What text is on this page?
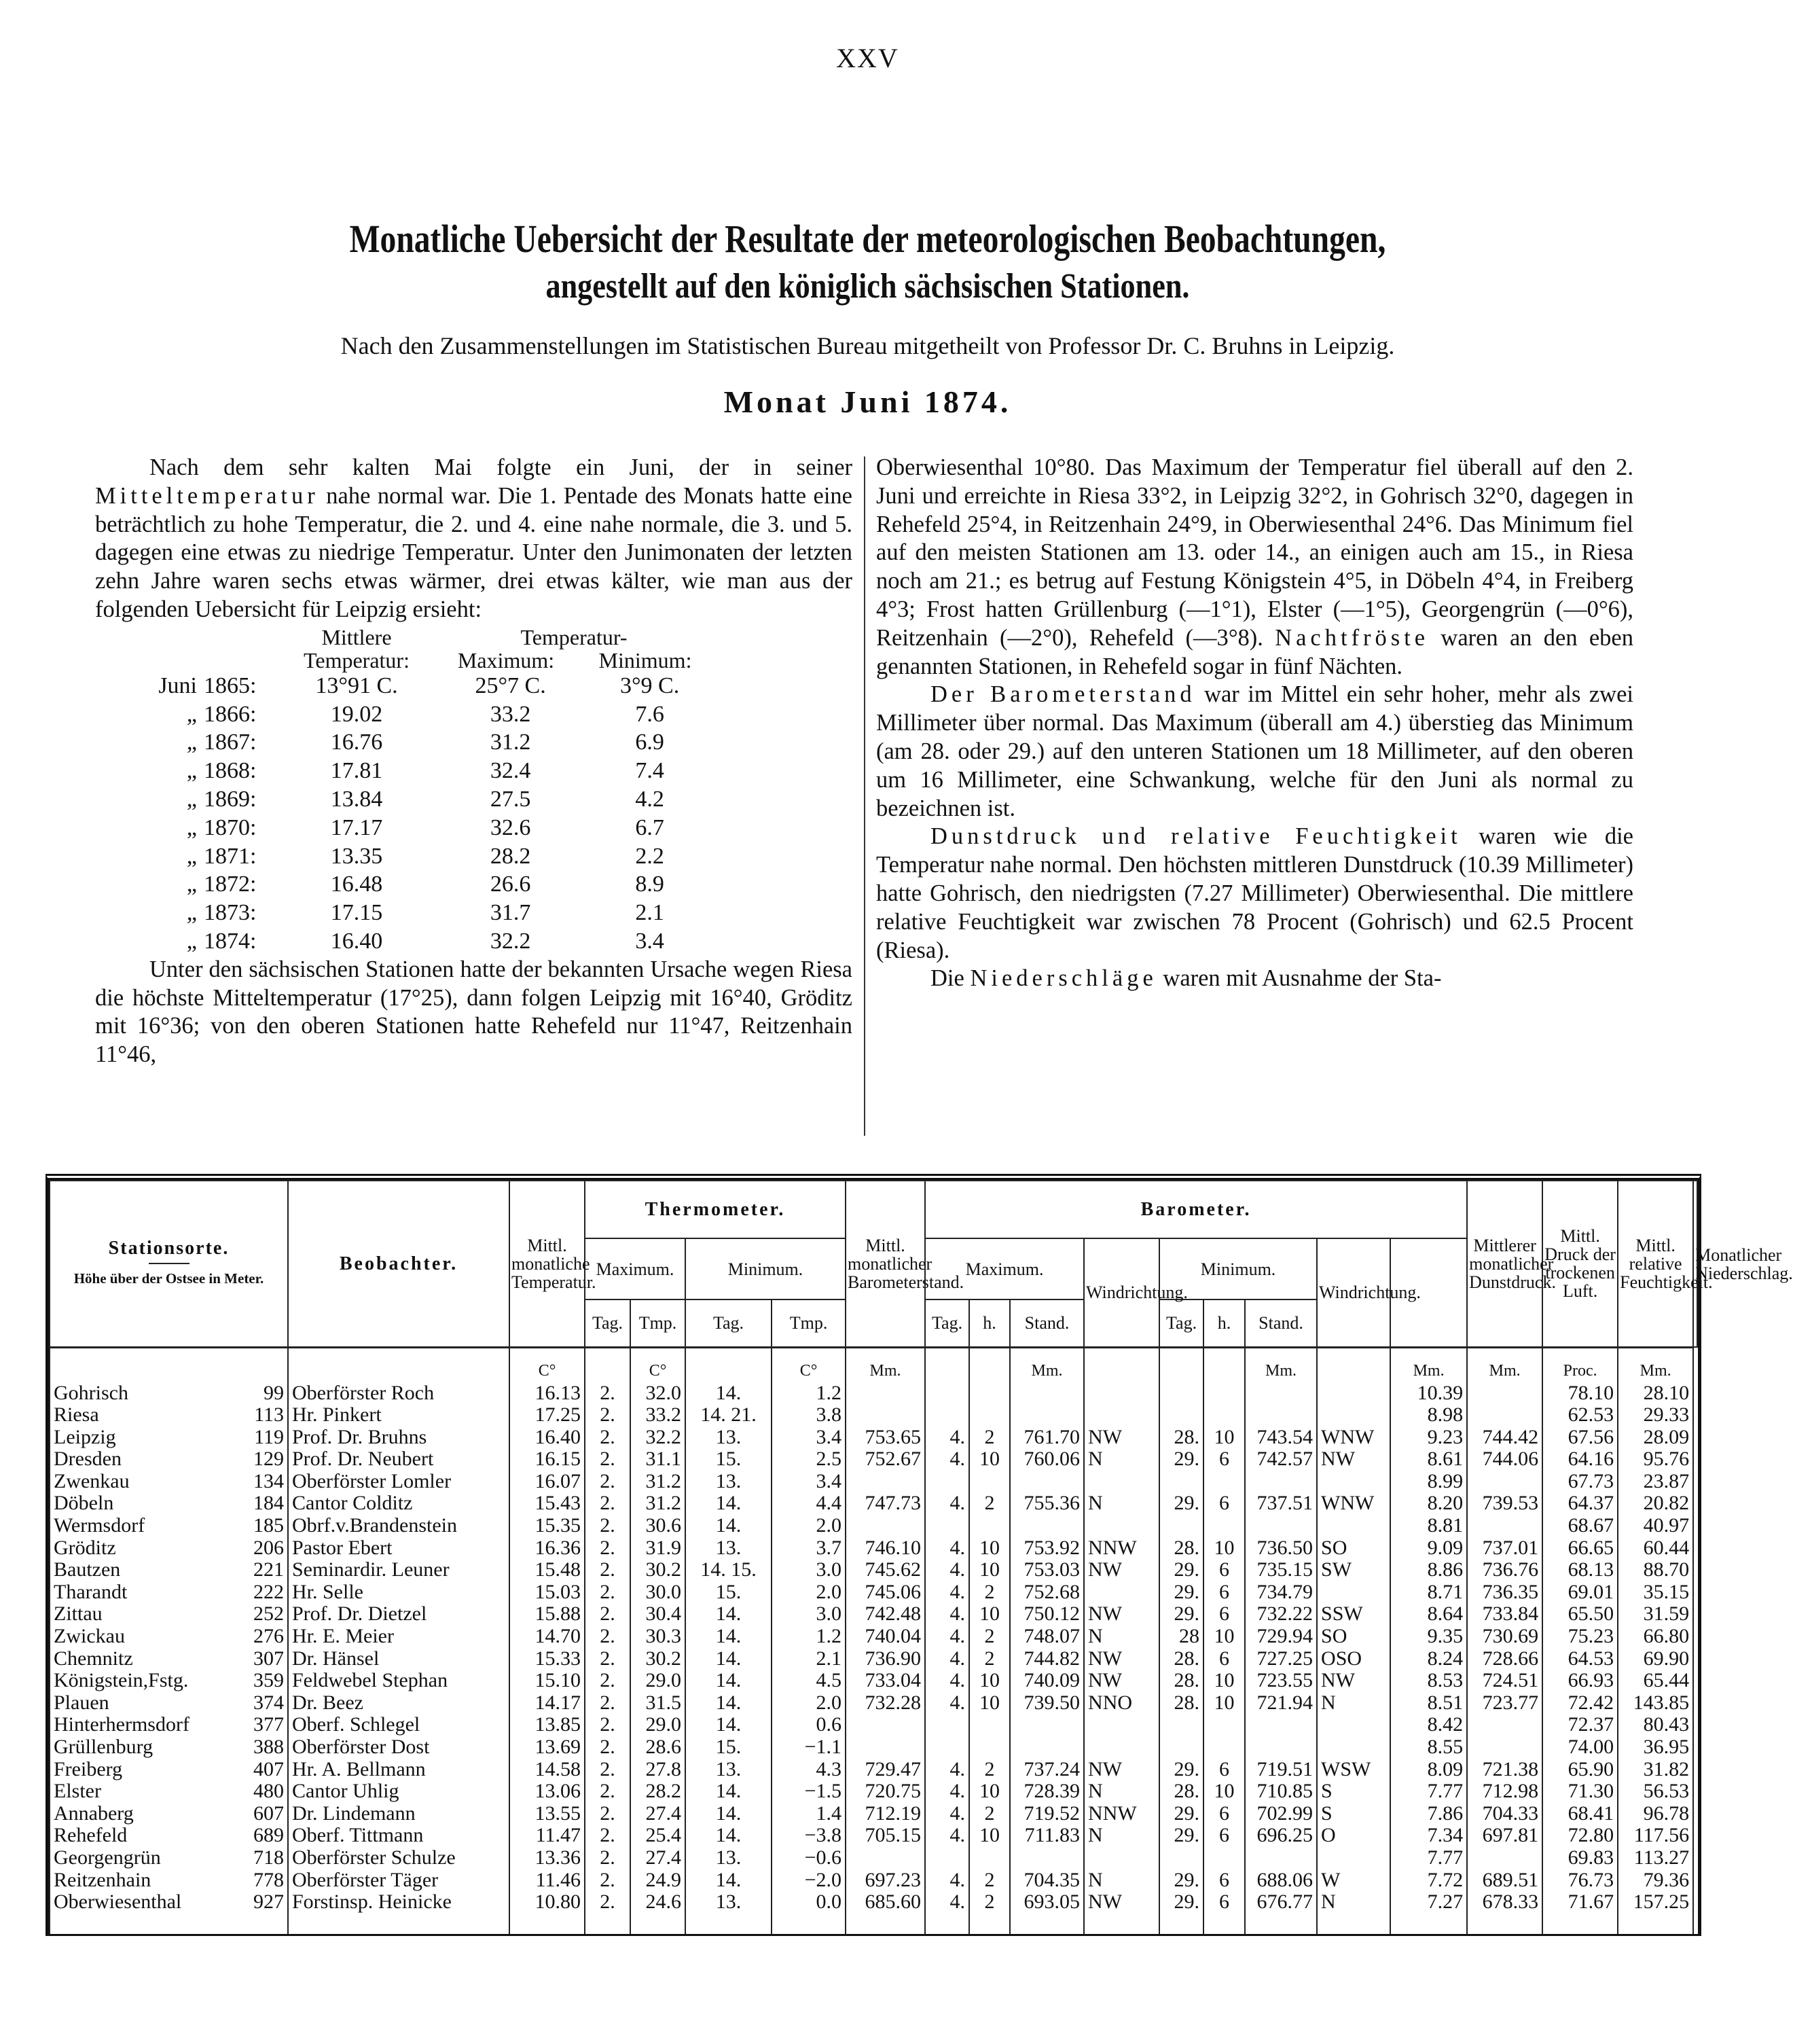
XXV
Monatliche Uebersicht der Resultate der meteorologischen Beobachtungen,
angestellt auf den königlich sächsischen Stationen.
Nach den Zusammenstellungen im Statistischen Bureau mitgetheilt von Professor Dr. C. Bruhns in Leipzig.
Monat Juni 1874.

Nach dem sehr kalten Mai folgte ein Juni, der in seiner Mitteltemperatur nahe normal war. Die 1. Pentade des Monats hatte eine beträchtlich zu hohe Temperatur, die 2. und 4. eine nahe normale, die 3. und 5. dagegen eine etwas zu niedrige Temperatur. Unter den Junimonaten der letzten zehn Jahre waren sechs etwas wärmer, drei etwas kälter, wie man aus der folgenden Uebersicht für Leipzig ersieht:

		Mittlere Temperatur:	Temperatur-
Maximum: Minimum:	
Juni	1865:	13°91 C.	25°7 C.	3°9 C.
„	1866:	19.02	33.2	7.6
„	1867:	16.76	31.2	6.9
„	1868:	17.81	32.4	7.4
„	1869:	13.84	27.5	4.2
„	1870:	17.17	32.6	6.7
„	1871:	13.35	28.2	2.2
„	1872:	16.48	26.6	8.9
„	1873:	17.15	31.7	2.1
„	1874:	16.40	32.2	3.4

Unter den sächsischen Stationen hatte der bekannten Ursache wegen Riesa die höchste Mitteltemperatur (17°25), dann folgen Leipzig mit 16°40, Gröditz mit 16°36; von den oberen Stationen hatte Rehefeld nur 11°47, Reitzenhain 11°46,

Oberwiesenthal 10°80. Das Maximum der Temperatur fiel überall auf den 2. Juni und erreichte in Riesa 33°2, in Leipzig 32°2, in Gohrisch 32°0, dagegen in Rehefeld 25°4, in Reitzenhain 24°9, in Oberwiesenthal 24°6. Das Minimum fiel auf den meisten Stationen am 13. oder 14., an einigen auch am 15., in Riesa noch am 21.; es betrug auf Festung Königstein 4°5, in Döbeln 4°4, in Freiberg 4°3; Frost hatten Grüllenburg (—1°1), Elster (—1°5), Georgengrün (—0°6), Reitzenhain (—2°0), Rehefeld (—3°8). Nachtfröste waren an den eben genannten Stationen, in Rehefeld sogar in fünf Nächten.

Der Barometerstand war im Mittel ein sehr hoher, mehr als zwei Millimeter über normal. Das Maximum (überall am 4.) überstieg das Minimum (am 28. oder 29.) auf den unteren Stationen um 18 Millimeter, auf den oberen um 16 Millimeter, eine Schwankung, welche für den Juni als normal zu bezeichnen ist.

Dunstdruck und relative Feuchtigkeit waren wie die Temperatur nahe normal. Den höchsten mittleren Dunstdruck (10.39 Millimeter) hatte Gohrisch, den niedrigsten (7.27 Millimeter) Oberwiesenthal. Die mittlere relative Feuchtigkeit war zwischen 78 Procent (Gohrisch) und 62.5 Procent (Riesa).

Die Niederschläge waren mit Ausnahme der Sta-

Stationsorte.
Höhe über der Ostsee in Meter.	Beobachter.	Mittl. monatliche Temperatur.	Thermometer.				Mittl. monatlicher Barometerstand.	Barometer.									Mittlerer monatlicher Dunstdruck.	Mittl. Druck der trockenen Luft.	Mittl. relative Feuchtigkeit.	Monatlicher Niederschlag.
			Maximum.		Minimum.			Maximum.			Windrichtung.	Minimum.			Windrichtung.					
			Tag.	Tmp.	Tag.	Tmp.		Tag.	h.	Stand.		Tag.	h.	Stand.						
		C°		C°		C°	Mm.			Mm.				Mm.		Mm.	Mm.	Proc.	Mm.	

Gohrisch 99	Oberförster Roch	16.13	2.	32.0	14.	1.2										10.39		78.10	28.10	

Riesa 113	Hr. Pinkert	17.25	2.	33.2	14. 21.	3.8										8.98		62.53	29.33	

Leipzig 119	Prof. Dr. Bruhns	16.40	2.	32.2	13.	3.4	753.65	4.	2	761.70	NW	28.	10	743.54	WNW	9.23	744.42	67.56	28.09	

Dresden 129	Prof. Dr. Neubert	16.15	2.	31.1	15.	2.5	752.67	4.	10	760.06	N	29.	6	742.57	NW	8.61	744.06	64.16	95.76	

Zwenkau 134	Oberförster Lomler	16.07	2.	31.2	13.	3.4										8.99		67.73	23.87	

Döbeln 184	Cantor Colditz	15.43	2.	31.2	14.	4.4	747.73	4.	2	755.36	N	29.	6	737.51	WNW	8.20	739.53	64.37	20.82	

Wermsdorf 185	Obrf.v.Brandenstein	15.35	2.	30.6	14.	2.0										8.81		68.67	40.97	

Gröditz 206	Pastor Ebert	16.36	2.	31.9	13.	3.7	746.10	4.	10	753.92	NNW	28.	10	736.50	SO	9.09	737.01	66.65	60.44	

Bautzen 221	Seminardir. Leuner	15.48	2.	30.2	14. 15.	3.0	745.62	4.	10	753.03	NW	29.	6	735.15	SW	8.86	736.76	68.13	88.70	

Tharandt 222	Hr. Selle	15.03	2.	30.0	15.	2.0	745.06	4.	2	752.68		29.	6	734.79		8.71	736.35	69.01	35.15	

Zittau 252	Prof. Dr. Dietzel	15.88	2.	30.4	14.	3.0	742.48	4.	10	750.12	NW	29.	6	732.22	SSW	8.64	733.84	65.50	31.59	

Zwickau 276	Hr. E. Meier	14.70	2.	30.3	14.	1.2	740.04	4.	2	748.07	N	28	10	729.94	SO	9.35	730.69	75.23	66.80	

Chemnitz 307	Dr. Hänsel	15.33	2.	30.2	14.	2.1	736.90	4.	2	744.82	NW	28.	6	727.25	OSO	8.24	728.66	64.53	69.90	

Königstein,Fstg. 359	Feldwebel Stephan	15.10	2.	29.0	14.	4.5	733.04	4.	10	740.09	NW	28.	10	723.55	NW	8.53	724.51	66.93	65.44	

Plauen 374	Dr. Beez	14.17	2.	31.5	14.	2.0	732.28	4.	10	739.50	NNO	28.	10	721.94	N	8.51	723.77	72.42	143.85	

Hinterhermsdorf 377	Oberf. Schlegel	13.85	2.	29.0	14.	0.6										8.42		72.37	80.43	

Grüllenburg 388	Oberförster Dost	13.69	2.	28.6	15.	−1.1										8.55		74.00	36.95	

Freiberg 407	Hr. A. Bellmann	14.58	2.	27.8	13.	4.3	729.47	4.	2	737.24	NW	29.	6	719.51	WSW	8.09	721.38	65.90	31.82	

Elster 480	Cantor Uhlig	13.06	2.	28.2	14.	−1.5	720.75	4.	10	728.39	N	28.	10	710.85	S	7.77	712.98	71.30	56.53	

Annaberg 607	Dr. Lindemann	13.55	2.	27.4	14.	1.4	712.19	4.	2	719.52	NNW	29.	6	702.99	S	7.86	704.33	68.41	96.78	

Rehefeld 689	Oberf. Tittmann	11.47	2.	25.4	14.	−3.8	705.15	4.	10	711.83	N	29.	6	696.25	O	7.34	697.81	72.80	117.56	

Georgengrün 718	Oberförster Schulze	13.36	2.	27.4	13.	−0.6										7.77		69.83	113.27	

Reitzenhain 778	Oberförster Täger	11.46	2.	24.9	14.	−2.0	697.23	4.	2	704.35	N	29.	6	688.06	W	7.72	689.51	76.73	79.36	

Oberwiesenthal 927	Forstinsp. Heinicke	10.80	2.	24.6	13.	0.0	685.60	4.	2	693.05	NW	29.	6	676.77	N	7.27	678.33	71.67	157.25	
